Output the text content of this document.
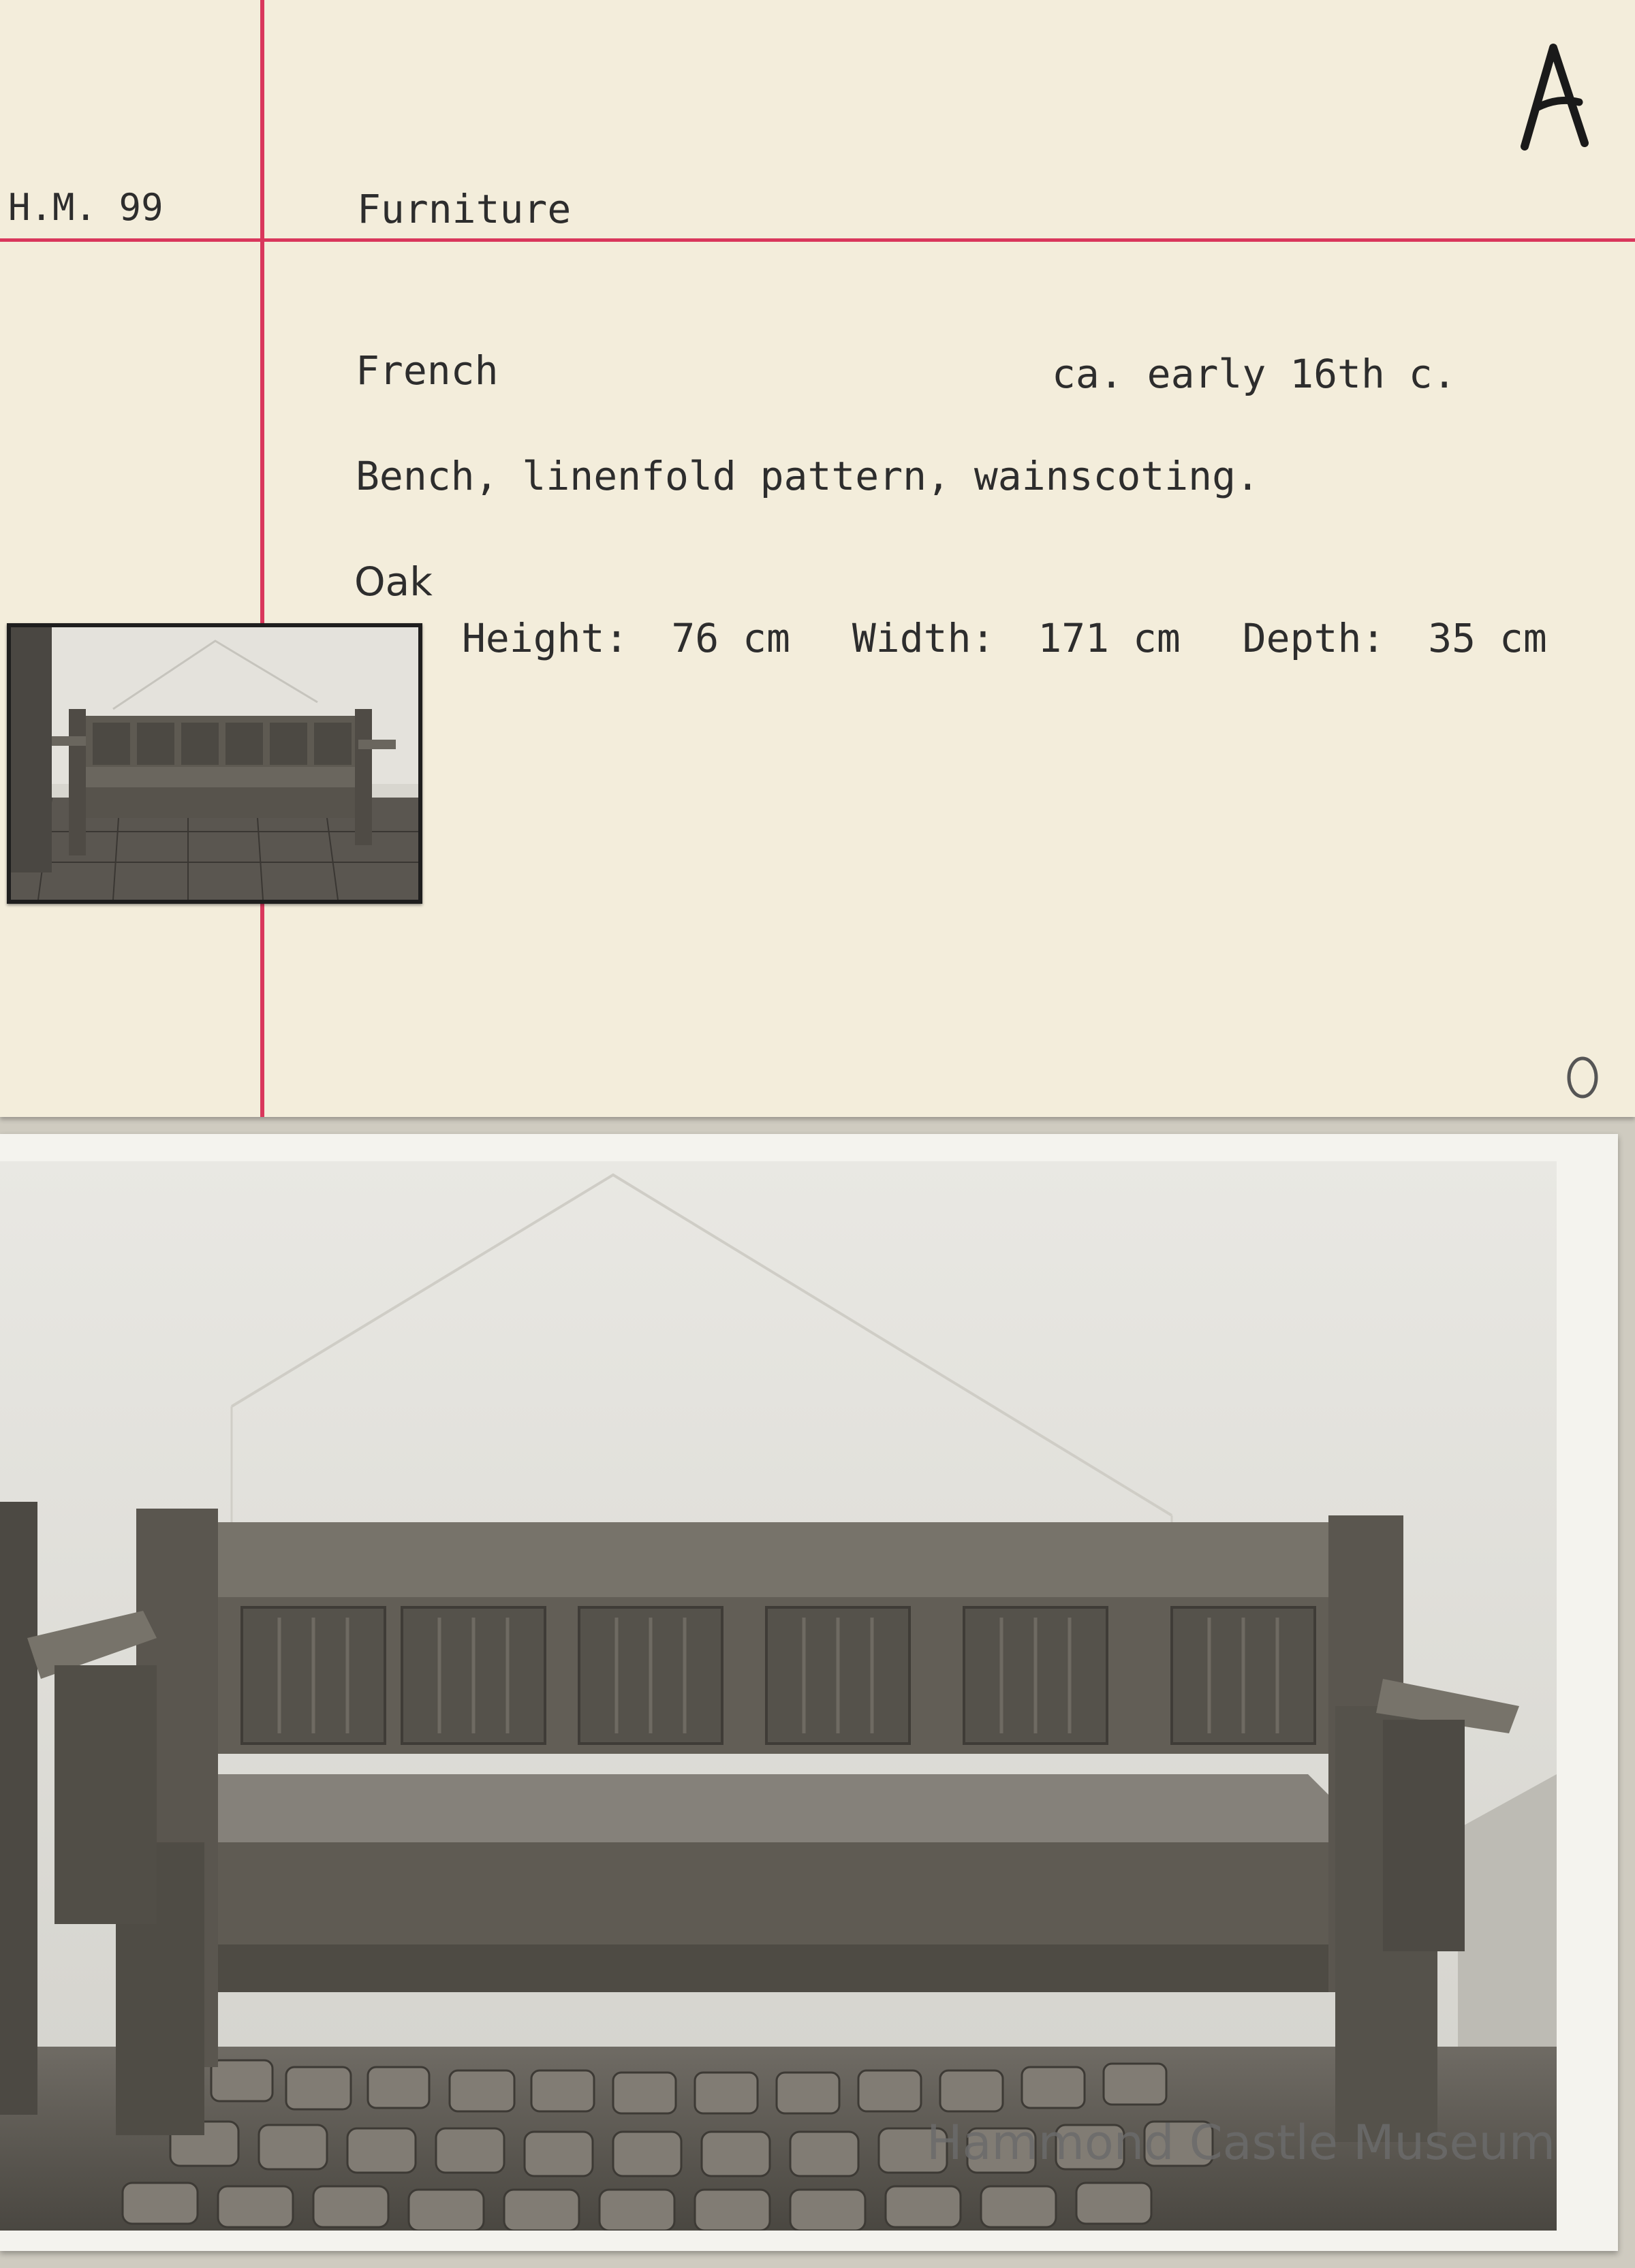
H.M. 99	Furniture
A
French	ca. early 16th c.
Bench, linenfold pattern, wainscoting.
Oak
Height: 76 cm Width: 171 cm Depth: 35 cm
Hammond Castle Museum
